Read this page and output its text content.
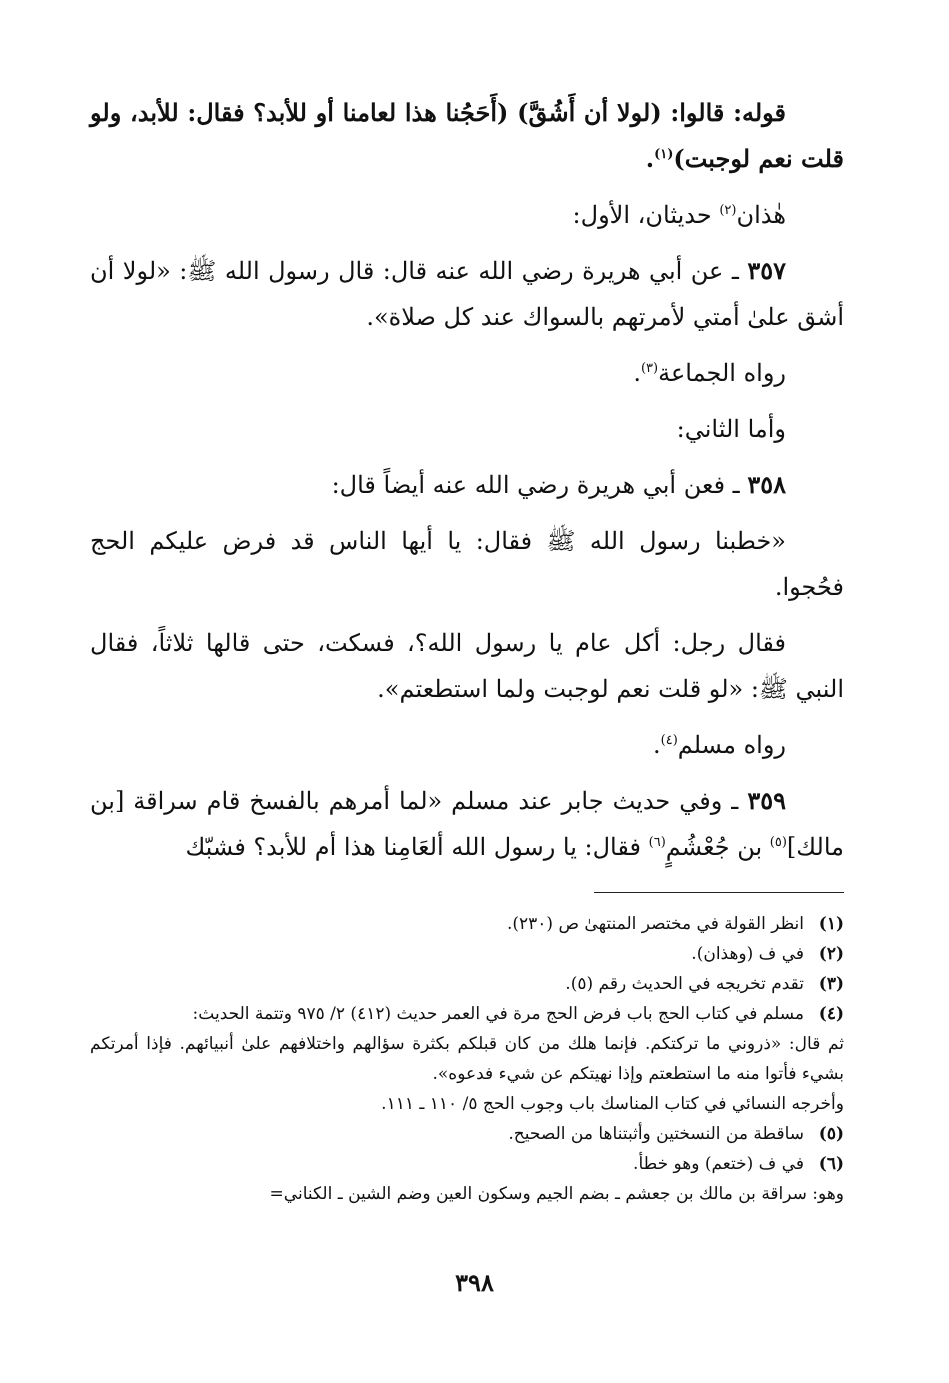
قوله: قالوا: (لولا أن أَشُقَّ) (أَحَجُنا هذا لعامنا أو للأبد؟ فقال: للأبد، ولو قلت نعم لوجبت)$^{(١)}$.

هٰذان$^{(٢)}$ حديثان، الأول:

٣٥٧ ـ عن أبي هريرة رضي الله عنه قال: قال رسول الله ﷺ: «لولا أن أشق علىٰ أمتي لأمرتهم بالسواك عند كل صلاة».

رواه الجماعة$^{(٣)}$.

وأما الثاني:

٣٥٨ ـ فعن أبي هريرة رضي الله عنه أيضاً قال:

«خطبنا رسول الله ﷺ فقال: يا أيها الناس قد فرض عليكم الحج فحُجوا.

فقال رجل: أكل عام يا رسول الله؟، فسكت، حتى قالها ثلاثاً، فقال النبي ﷺ: «لو قلت نعم لوجبت ولما استطعتم».

رواه مسلم$^{(٤)}$.

٣٥٩ ـ وفي حديث جابر عند مسلم «لما أمرهم بالفسخ قام سراقة [بن مالك]$^{(٥)}$ بن جُعْشُمٍ$^{(٦)}$ فقال: يا رسول الله ألعَامِنا هذا أم للأبد؟ فشبّك

(١)
انظر القولة في مختصر المنتهىٰ ص (٢٣٠).
(٢)
في ف (وهذان).
(٣)
تقدم تخريجه في الحديث رقم (٥).
(٤)
مسلم في كتاب الحج باب فرض الحج مرة في العمر حديث (٤١٢) ٢/ ٩٧٥ وتتمة الحديث:
ثم قال: «ذروني ما تركتكم. فإنما هلك من كان قبلكم بكثرة سؤالهم واختلافهم علىٰ أنبيائهم. فإذا أمرتكم بشيء فأتوا منه ما استطعتم وإذا نهيتكم عن شيء فدعوه».
وأخرجه النسائي في كتاب المناسك باب وجوب الحج ٥/ ١١٠ ـ ١١١.
(٥)
ساقطة من النسختين وأثبتناها من الصحيح.
(٦)
في ف (ختعم) وهو خطأ.
وهو: سراقة بن مالك بن جعشم ـ بضم الجيم وسكون العين وضم الشين ـ الكناني=
٣٩٨
